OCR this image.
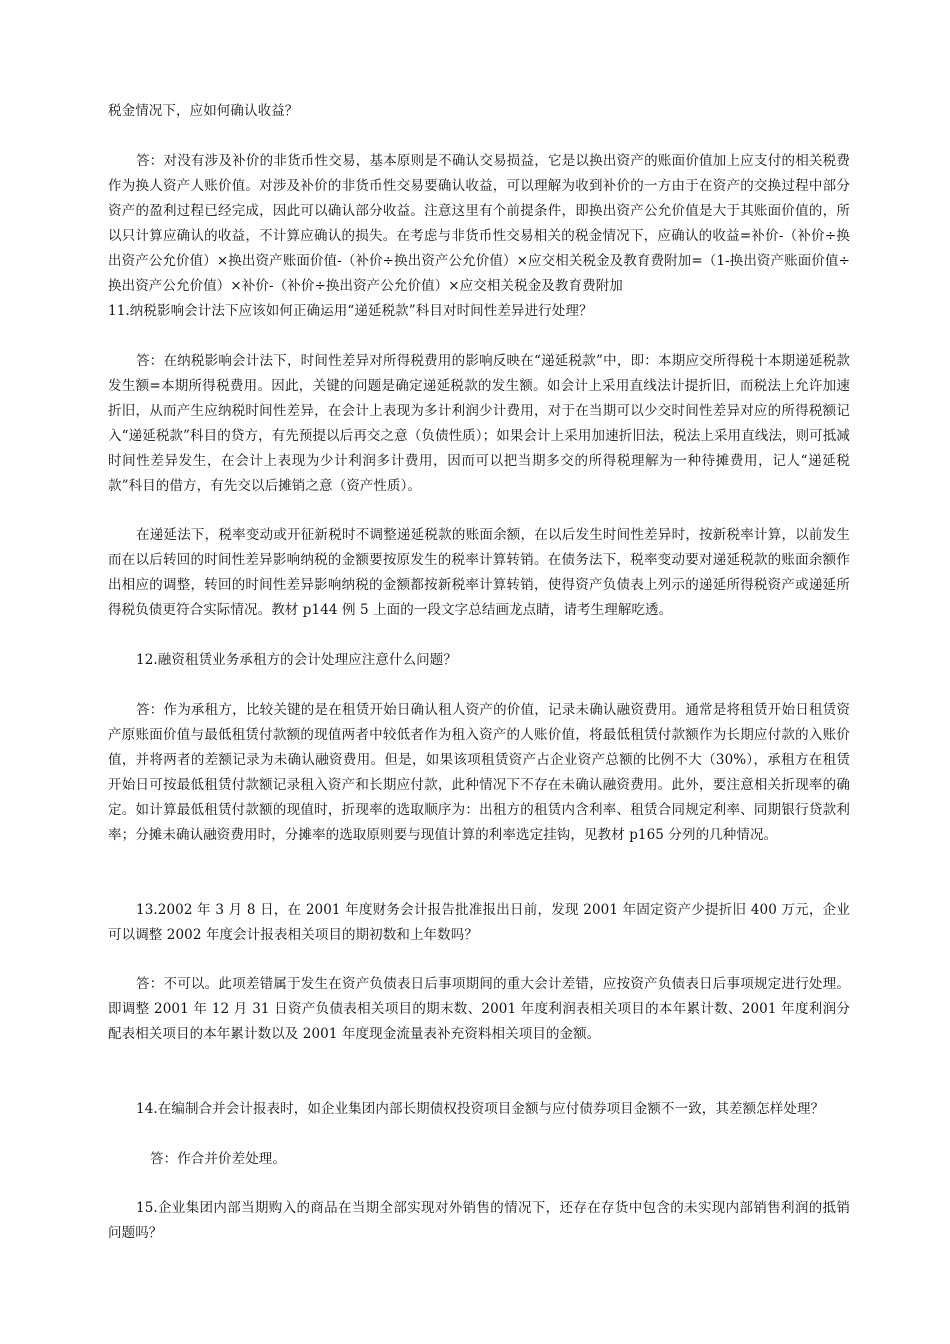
税金情况下，应如何确认收益？

答：对没有涉及补价的非货币性交易，基本原则是不确认交易损益，它是以换出资产的账面价值加上应支付的相关税费作为换人资产人账价值。对涉及补价的非货币性交易要确认收益，可以理解为收到补价的一方由于在资产的交换过程中部分资产的盈利过程已经完成，因此可以确认部分收益。注意这里有个前提条件，即换出资产公允价值是大于其账面价值的，所以只计算应确认的收益，不计算应确认的损失。在考虑与非货币性交易相关的税金情况下，应确认的收益=补价-（补价÷换出资产公允价值）×换出资产账面价值-（补价÷换出资产公允价值）×应交相关税金及教育费附加=（1-换出资产账面价值÷换出资产公允价值）×补价-（补价÷换出资产公允价值）×应交相关税金及教育费附加

11.纳税影响会计法下应该如何正确运用“递延税款”科目对时间性差异进行处理？

答：在纳税影响会计法下，时间性差异对所得税费用的影响反映在“递延税款”中，即：本期应交所得税十本期递延税款发生额=本期所得税费用。因此，关键的问题是确定递延税款的发生额。如会计上采用直线法计提折旧，而税法上允许加速折旧，从而产生应纳税时间性差异，在会计上表现为多计利润少计费用，对于在当期可以少交时间性差异对应的所得税额记入“递延税款”科目的贷方，有先预提以后再交之意（负债性质）；如果会计上采用加速折旧法，税法上采用直线法，则可抵减时间性差异发生，在会计上表现为少计利润多计费用，因而可以把当期多交的所得税理解为一种待摊费用，记人“递延税款”科目的借方，有先交以后摊销之意（资产性质）。

在递延法下，税率变动或开征新税时不调整递延税款的账面余额，在以后发生时间性差异时，按新税率计算，以前发生而在以后转回的时间性差异影响纳税的金额要按原发生的税率计算转销。在债务法下，税率变动要对递延税款的账面余额作出相应的调整，转回的时间性差异影响纳税的金额都按新税率计算转销，使得资产负债表上列示的递延所得税资产或递延所得税负债更符合实际情况。教材 p144 例 5 上面的一段文字总结画龙点睛，请考生理解吃透。

12.融资租赁业务承租方的会计处理应注意什么问题？

答：作为承租方，比较关键的是在租赁开始日确认租人资产的价值，记录未确认融资费用。通常是将租赁开始日租赁资产原账面价值与最低租赁付款额的现值两者中较低者作为租入资产的人账价值，将最低租赁付款额作为长期应付款的入账价值，并将两者的差额记录为未确认融资费用。但是，如果该项租赁资产占企业资产总额的比例不大（30%），承租方在租赁开始日可按最低租赁付款额记录租入资产和长期应付款，此种情况下不存在未确认融资费用。此外，要注意相关折现率的确定。如计算最低租赁付款额的现值时，折现率的选取顺序为：出租方的租赁内含利率、租赁合同规定利率、同期银行贷款利率；分摊未确认融资费用时，分摊率的选取原则要与现值计算的利率选定挂钩，见教材 p165 分列的几种情况。

13.2002 年 3 月 8 日，在 2001 年度财务会计报告批准报出日前，发现 2001 年固定资产少提折旧 400 万元，企业可以调整 2002 年度会计报表相关项目的期初数和上年数吗？

答：不可以。此项差错属于发生在资产负债表日后事项期间的重大会计差错，应按资产负债表日后事项规定进行处理。即调整 2001 年 12 月 31 日资产负债表相关项目的期末数、2001 年度利润表相关项目的本年累计数、2001 年度利润分配表相关项目的本年累计数以及 2001 年度现金流量表补充资料相关项目的金额。

14.在编制合并会计报表时，如企业集团内部长期债权投资项目金额与应付债券项目金额不一致，其差额怎样处理？

答：作合并价差处理。

15.企业集团内部当期购入的商品在当期全部实现对外销售的情况下，还存在存货中包含的未实现内部销售利润的抵销问题吗？
